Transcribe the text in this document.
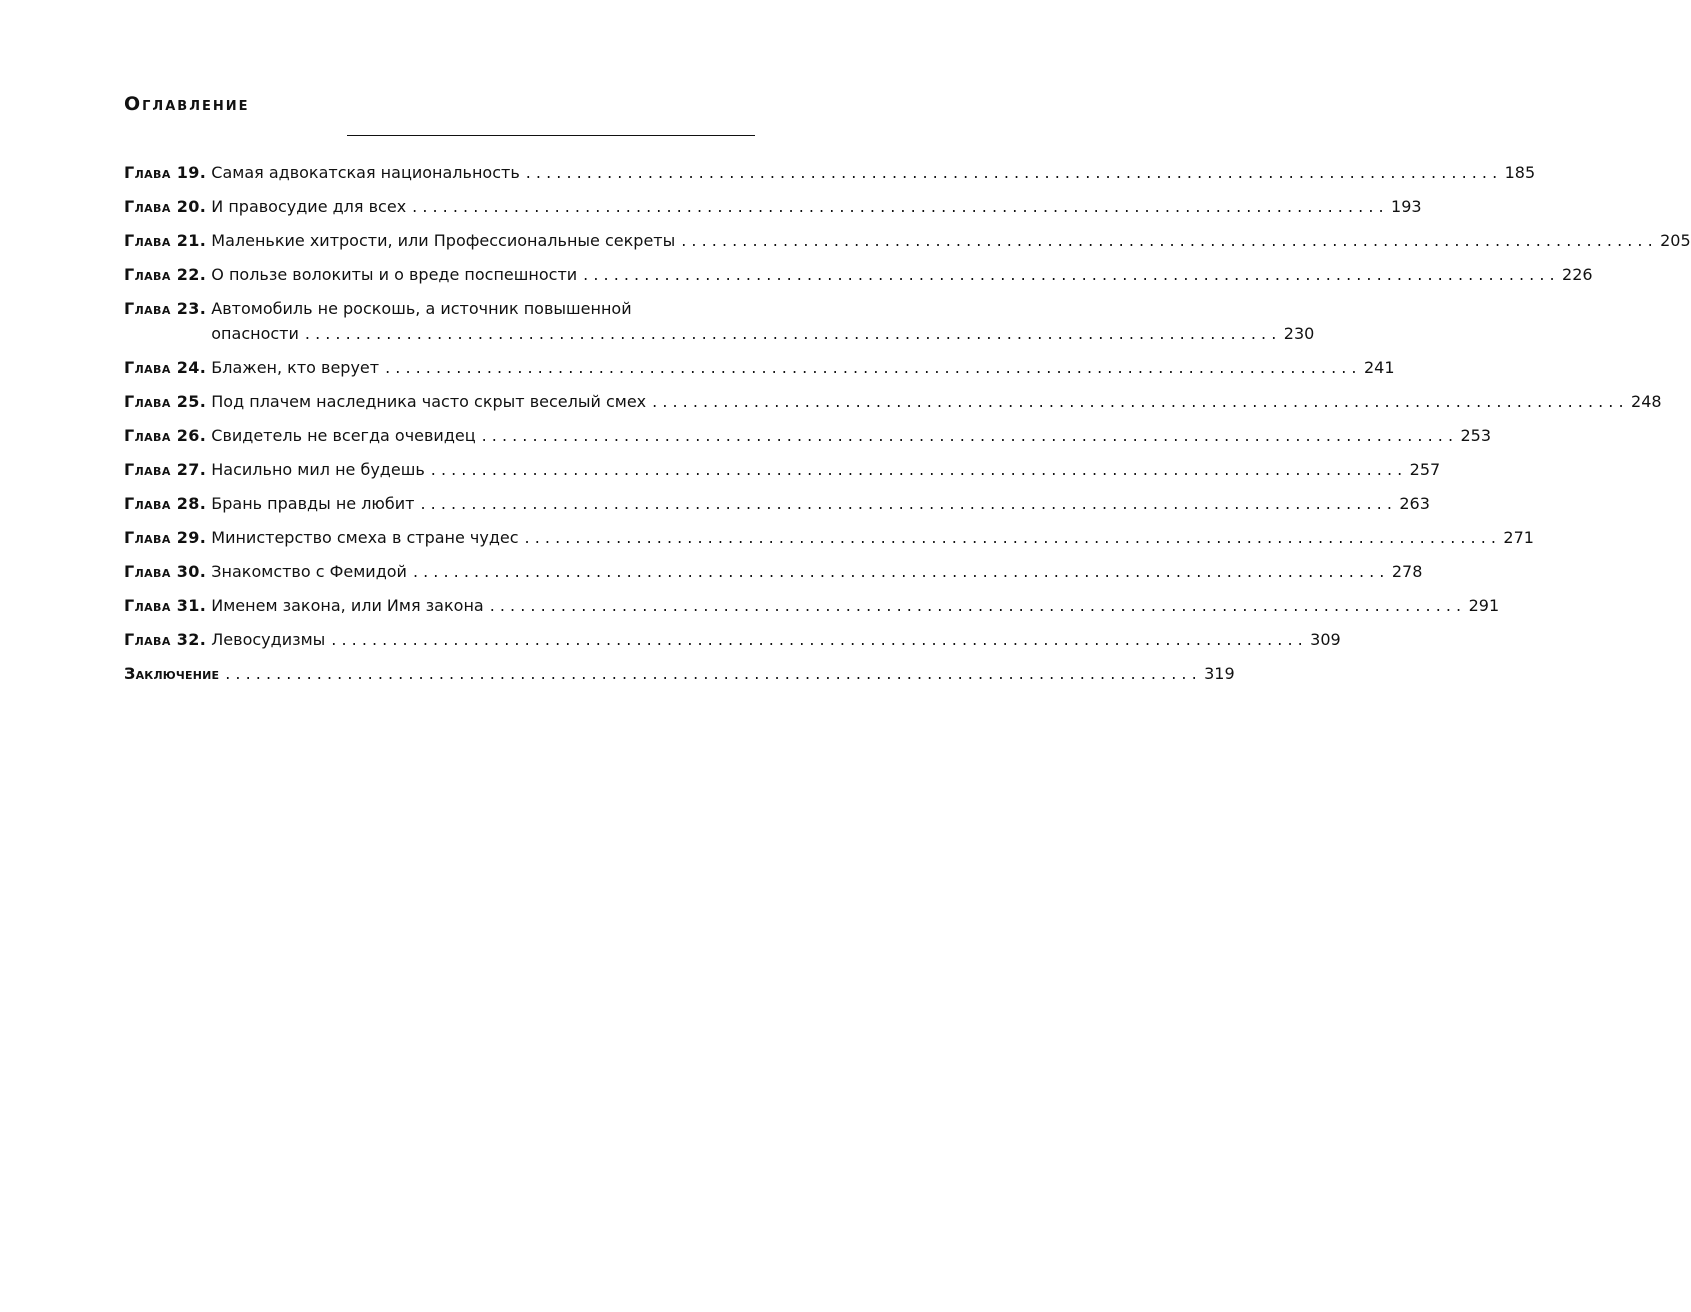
Оглавление
Глава 19. Самая адвокатская национальность . . .	185
Глава 20. И правосудие для всех . . .	193
Глава 21. Маленькие хитрости, или Профессиональные секреты . . .	205
Глава 22. О пользе волокиты и о вреде поспешности . . .	226
Глава 23. Автомобиль не роскошь, а источник повышенной
опасности . . .	230
Глава 24. Блажен, кто верует . . .	241
Глава 25. Под плачем наследника часто скрыт веселый смех . . .	248
Глава 26. Свидетель не всегда очевидец . . .	253
Глава 27. Насильно мил не будешь . . .	257
Глава 28. Брань правды не любит . . .	263
Глава 29. Министерство смеха в стране чудес . . .	271
Глава 30. Знакомство с Фемидой . . .	278
Глава 31. Именем закона, или Имя закона . . .	291
Глава 32. Левосудизмы . . .	309
Заключение . . .	319
